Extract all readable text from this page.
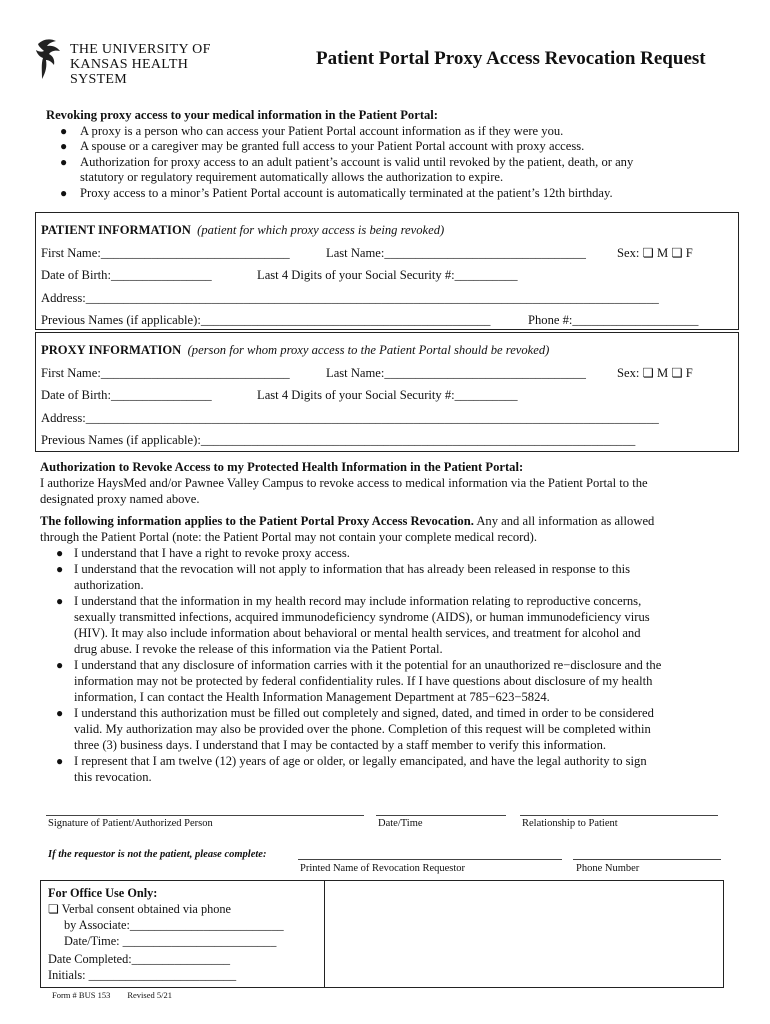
THE UNIVERSITY OF
KANSAS HEALTH SYSTEM
Patient Portal Proxy Access Revocation Request
Revoking proxy access to your medical information in the Patient Portal:
● A proxy is a person who can access your Patient Portal account information as if they were you.
● A spouse or a caregiver may be granted full access to your Patient Portal account with proxy access.
● Authorization for proxy access to an adult patient’s account is valid until revoked by the patient, death, or any
statutory or regulatory requirement automatically allows the authorization to expire.
● Proxy access to a minor’s Patient Portal account is automatically terminated at the patient’s 12th birthday.
PATIENT INFORMATION (patient for which proxy access is being revoked)
First Name:______________________________	Last Name:________________________________ Sex: ❏ M ❏ F
Date of Birth:________________	Last 4 Digits of your Social Security #:__________
Address:___________________________________________________________________________________________
Previous Names (if applicable):______________________________________________	Phone #:____________________
PROXY INFORMATION (person for whom proxy access to the Patient Portal should be revoked)
First Name:______________________________	Last Name:________________________________ Sex: ❏ M ❏ F
Date of Birth:________________	Last 4 Digits of your Social Security #:__________
Address:___________________________________________________________________________________________
Previous Names (if applicable):_____________________________________________________________________
Authorization to Revoke Access to my Protected Health Information in the Patient Portal:
I authorize HaysMed and/or Pawnee Valley Campus to revoke access to medical information via the Patient Portal to the
designated proxy named above.
The following information applies to the Patient Portal Proxy Access Revocation. Any and all information as allowed
through the Patient Portal (note: the Patient Portal may not contain your complete medical record).
● I understand that I have a right to revoke proxy access.
● I understand that the revocation will not apply to information that has already been released in response to this
authorization.
● I understand that the information in my health record may include information relating to reproductive concerns,
sexually transmitted infections, acquired immunodeficiency syndrome (AIDS), or human immunodeficiency virus
(HIV). It may also include information about behavioral or mental health services, and treatment for alcohol and
drug abuse. I revoke the release of this information via the Patient Portal.
● I understand that any disclosure of information carries with it the potential for an unauthorized re−disclosure and the
information may not be protected by federal confidentiality rules. If I have questions about disclosure of my health
information, I can contact the Health Information Management Department at 785−623−5824.
● I understand this authorization must be filled out completely and signed, dated, and timed in order to be considered
valid. My authorization may also be provided over the phone. Completion of this request will be completed within
three (3) business days. I understand that I may be contacted by a staff member to verify this information.
● I represent that I am twelve (12) years of age or older, or legally emancipated, and have the legal authority to sign
this revocation.
Signature of Patient/Authorized Person	Date/Time	Relationship to Patient
If the requestor is not the patient, please complete:
Printed Name of Revocation Requestor	Phone Number
For Office Use Only:
❏ Verbal consent obtained via phone
by Associate:_________________________
Date/Time: _________________________
Date Completed:________________
Initials: ________________________
Form # BUS 153 Revised 5/21
